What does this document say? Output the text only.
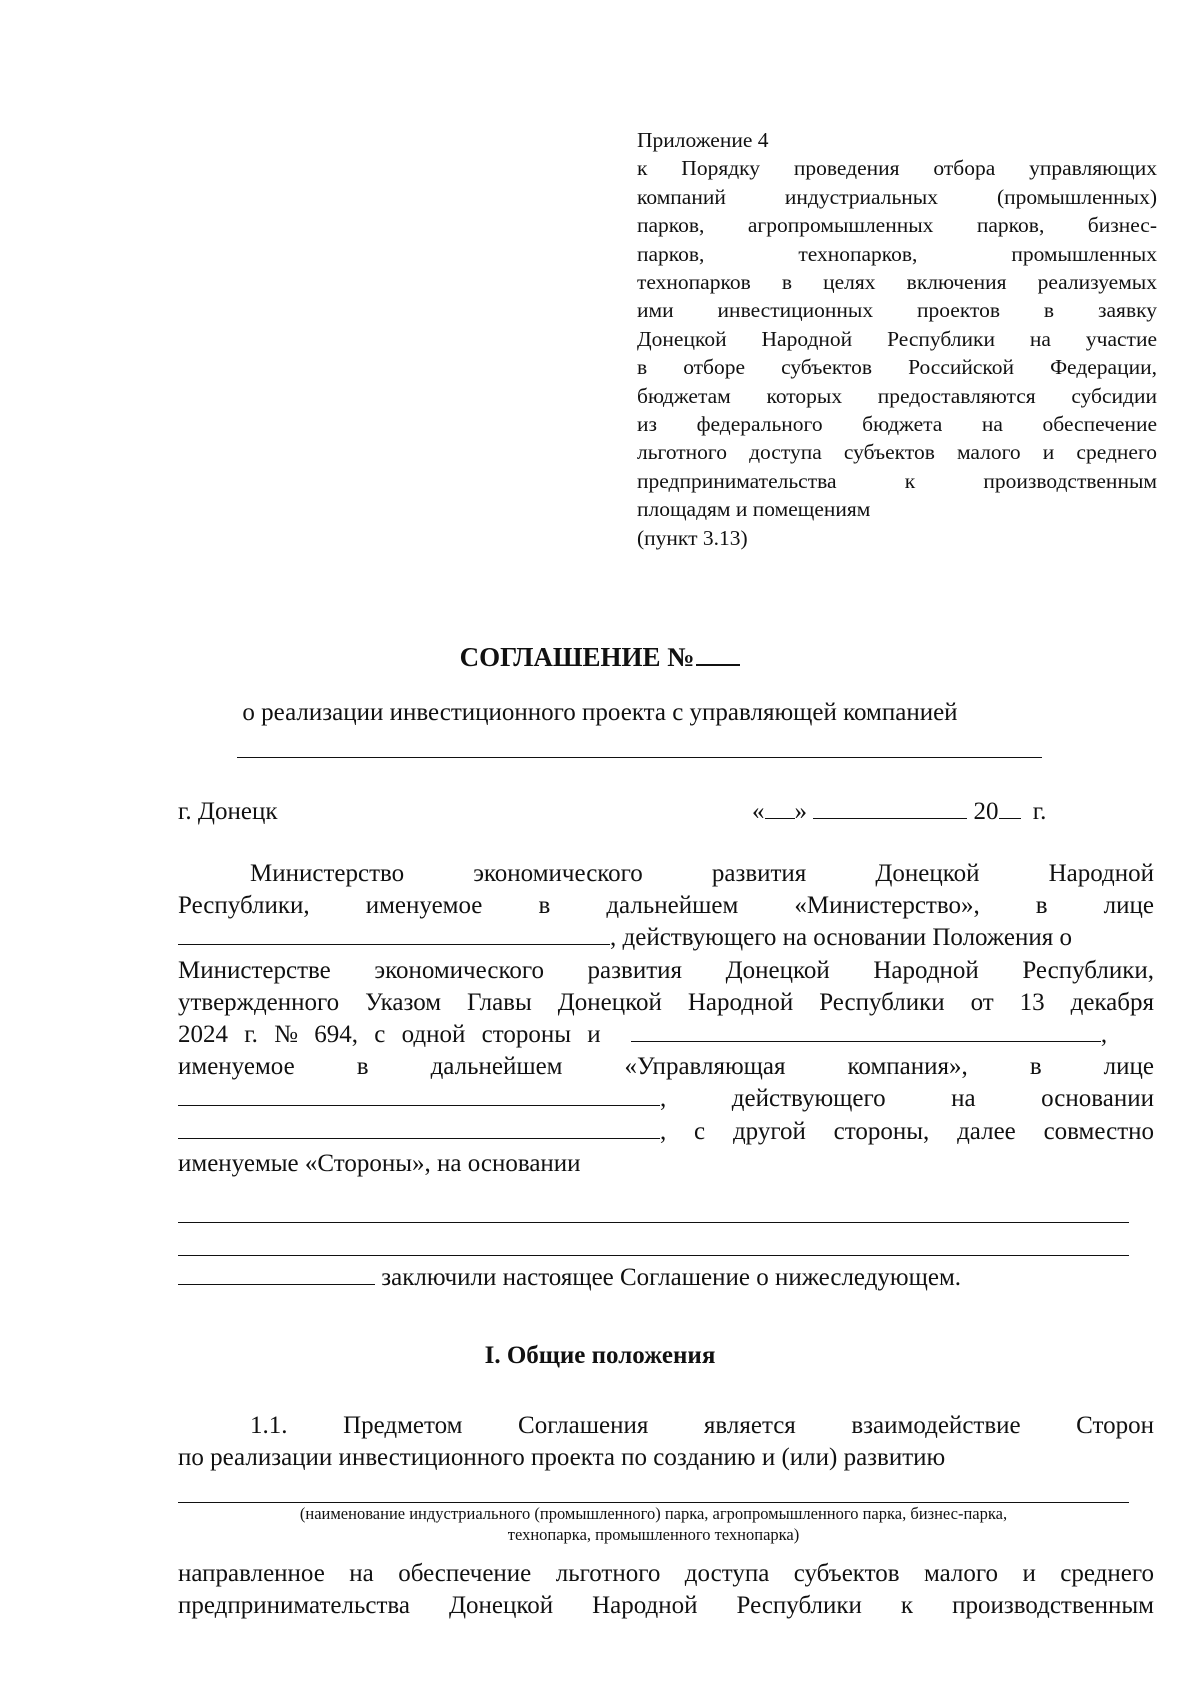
Приложение 4
к Порядку проведения отбора управляющих
компаний индустриальных (промышленных)
парков, агропромышленных парков, бизнес-
парков, технопарков, промышленных
технопарков в целях включения реализуемых
ими инвестиционных проектов в заявку
Донецкой Народной Республики на участие
в отборе субъектов Российской Федерации,
бюджетам которых предоставляются субсидии
из федерального бюджета на обеспечение
льготного доступа субъектов малого и среднего
предпринимательства к производственным
площадям и помещениям
(пункт 3.13)
СОГЛАШЕНИЕ №
о реализации инвестиционного проекта с управляющей компанией
г. Донецк	« »	20 г.
Министерство экономического развития Донецкой Народной
Республики, именуемое в дальнейшем «Министерство», в лице
, действующего на основании Положения о
Министерстве экономического развития Донецкой Народной Республики,
утвержденного Указом Главы Донецкой Народной Республики от 13 декабря
2024 г. № 694, с одной стороны и	,
именуемое в дальнейшем «Управляющая компания», в лице
, действующего на основании
, с другой стороны, далее совместно
именуемые «Стороны», на основании
заключили настоящее Соглашение о нижеследующем.
I. Общие положения
1.1. Предметом Соглашения является взаимодействие Сторон
по реализации инвестиционного проекта по созданию и (или) развитию
(наименование индустриального (промышленного) парка, агропромышленного парка, бизнес-парка,
технопарка, промышленного технопарка)
направленное на обеспечение льготного доступа субъектов малого и среднего
предпринимательства Донецкой Народной Республики к производственным
